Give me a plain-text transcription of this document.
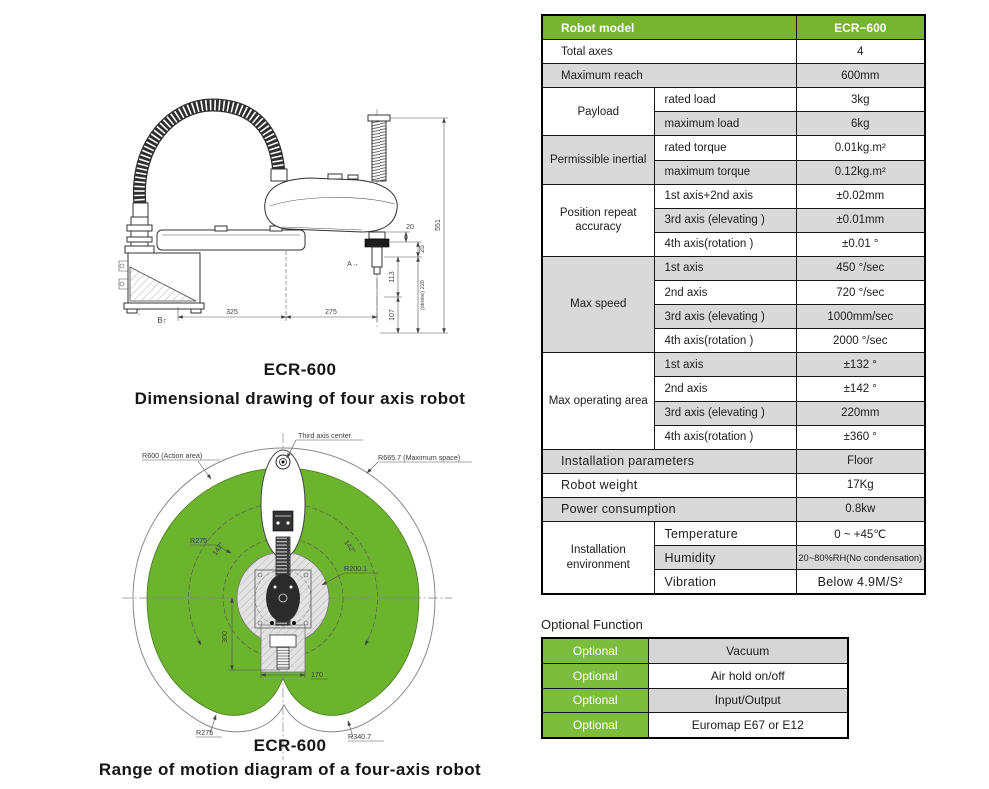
325	275
551
20
25
113
107
(stroke) 220
A→
B↑
ECR-600
Dimensional drawing of four axis robot
142°	142°
300
170
Third axis center
R600 (Action area)	R665.7 (Maximum space)
R275
R200.1
R275	R340.7
ECR-600
Range of motion diagram of a four-axis robot
Robot model		ECR−600
Total axes		4
Maximum reach		600mm
Payload	rated load	3kg
	maximum load	6kg
Permissible inertial	rated torque	0.01kg.m²
	maximum torque	0.12kg.m²
Position repeat accuracy	1st axis+2nd axis	±0.02mm
	3rd axis (elevating )	±0.01mm
	4th axis(rotation )	±0.01 °
Max speed	1st axis	450 °/sec
	2nd axis	720 °/sec
	3rd axis (elevating )	1000mm/sec
	4th axis(rotation )	2000 °/sec
Max operating area	1st axis	±132 °
	2nd axis	±142 °
	3rd axis (elevating )	220mm
	4th axis(rotation )	±360 °
Installation parameters		Floor
Robot weight		17Kg
Power consumption		0.8kw
Installation environment	Temperature	0 ~ +45℃
	Humidity	20~80%RH(No condensation)
	Vibration	Below 4.9M/S²
Optional Function
Optional	Vacuum
Optional	Air hold on/off
Optional	Input/Output
Optional	Euromap E67 or E12
